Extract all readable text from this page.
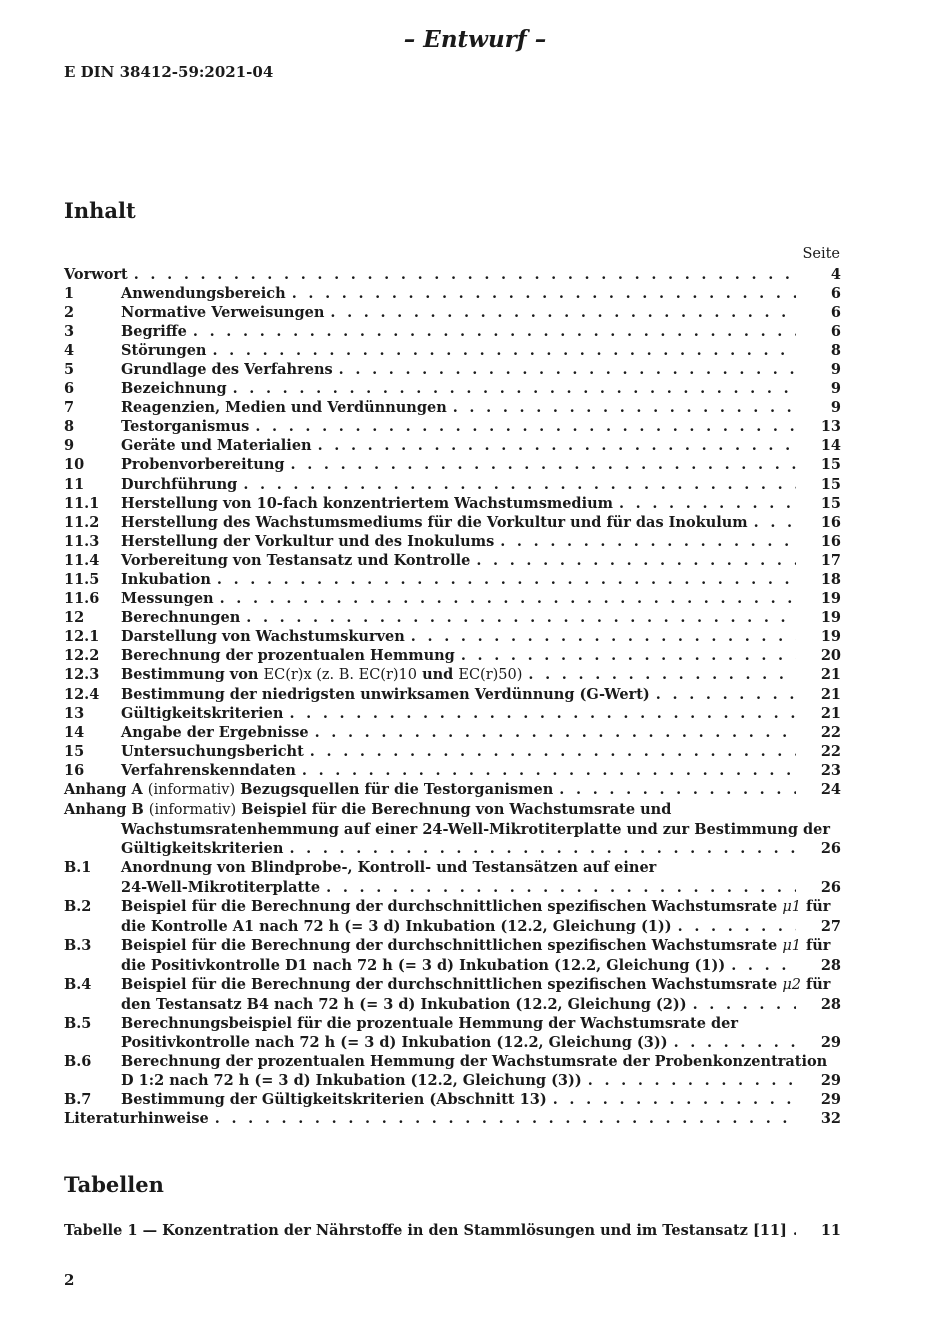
– Entwurf –
E DIN 38412-59:2021-04
Inhalt
Seite
Vorwort . . .	4
1	Anwendungsbereich . . .	6
2	Normative Verweisungen . . .	6
3	Begriffe . . .	6
4	Störungen . . .	8
5	Grundlage des Verfahrens . . .	9
6	Bezeichnung . . .	9
7	Reagenzien, Medien und Verdünnungen . . .	9
8	Testorganismus . . .	13
9	Geräte und Materialien . . .	14
10	Probenvorbereitung . . .	15
11	Durchführung . . .	15
11.1	Herstellung von 10-fach konzentriertem Wachstumsmedium . . .	15
11.2	Herstellung des Wachstumsmediums für die Vorkultur und für das Inokulum . . .	16
11.3	Herstellung der Vorkultur und des Inokulums . . .	16
11.4	Vorbereitung von Testansatz und Kontrolle . . .	17
11.5	Inkubation . . .	18
11.6	Messungen . . .	19
12	Berechnungen . . .	19
12.1	Darstellung von Wachstumskurven . . .	19
12.2	Berechnung der prozentualen Hemmung . . .	20
12.3	Bestimmung von EC(r)x (z. B. EC(r)10 und EC(r)50) . . .	21
12.4	Bestimmung der niedrigsten unwirksamen Verdünnung (G-Wert) . . .	21
13	Gültigkeitskriterien . . .	21
14	Angabe der Ergebnisse . . .	22
15	Untersuchungsbericht . . .	22
16	Verfahrenskenndaten . . .	23
Anhang A (informativ) Bezugsquellen für die Testorganismen . . .	24
Anhang B (informativ) Beispiel für die Berechnung von Wachstumsrate und
Wachstumsratenhemmung auf einer 24-Well-Mikrotiterplatte und zur Bestimmung der
Gültigkeitskriterien . . .	26
B.1	Anordnung von Blindprobe-, Kontroll- und Testansätzen auf einer
24-Well-Mikrotiterplatte . . .	26
B.2	Beispiel für die Berechnung der durchschnittlichen spezifischen Wachstumsrate μ1 für
die Kontrolle A1 nach 72 h (= 3 d) Inkubation (12.2, Gleichung (1)) . . .	27
B.3	Beispiel für die Berechnung der durchschnittlichen spezifischen Wachstumsrate μ1 für
die Positivkontrolle D1 nach 72 h (= 3 d) Inkubation (12.2, Gleichung (1)) . . .	28
B.4	Beispiel für die Berechnung der durchschnittlichen spezifischen Wachstumsrate μ2 für
den Testansatz B4 nach 72 h (= 3 d) Inkubation (12.2, Gleichung (2)) . . .	28
B.5	Berechnungsbeispiel für die prozentuale Hemmung der Wachstumsrate der
Positivkontrolle nach 72 h (= 3 d) Inkubation (12.2, Gleichung (3)) . . .	29
B.6	Berechnung der prozentualen Hemmung der Wachstumsrate der Probenkonzentration
D 1:2 nach 72 h (= 3 d) Inkubation (12.2, Gleichung (3)) . . .	29
B.7	Bestimmung der Gültigkeitskriterien (Abschnitt 13) . . .	29
Literaturhinweise . . .	32
Tabellen
Tabelle 1 — Konzentration der Nährstoffe in den Stammlösungen und im Testansatz [11] . . .	11
2
